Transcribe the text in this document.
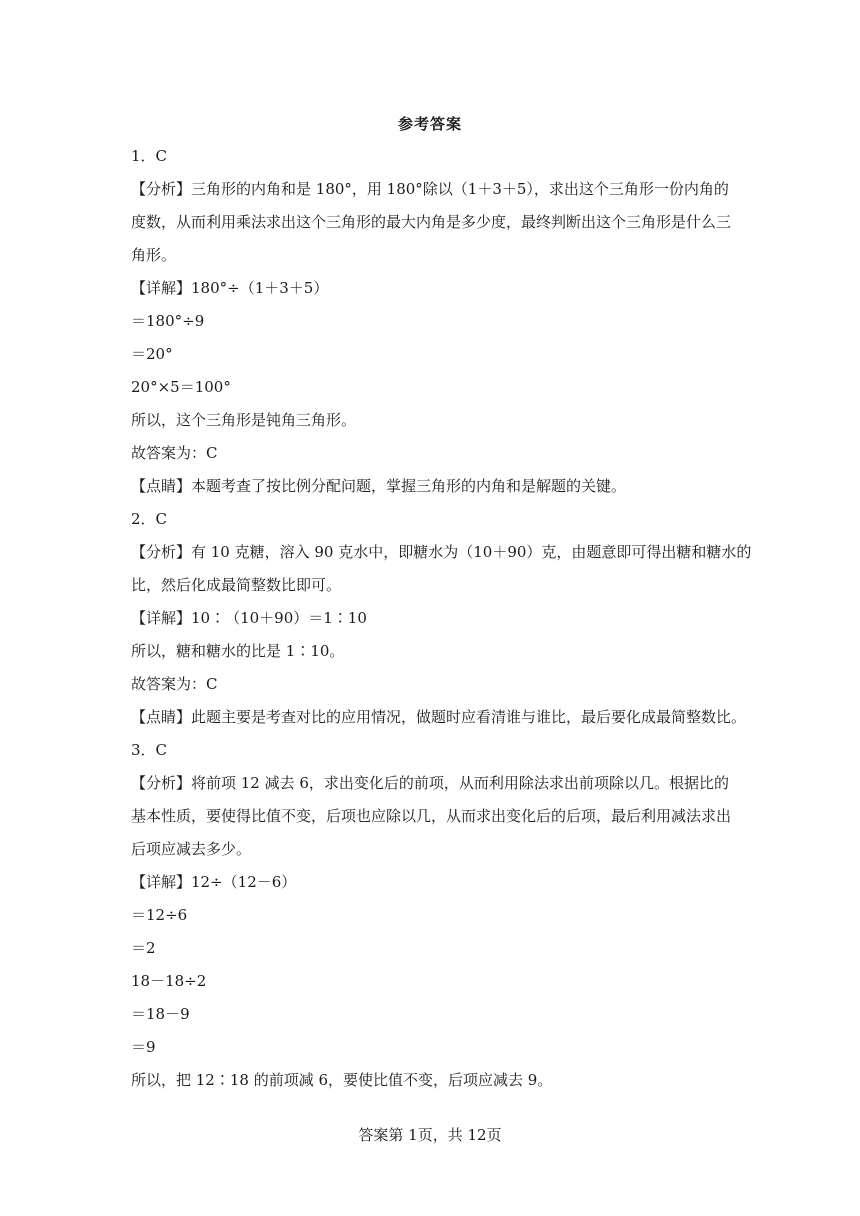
参考答案
1．C
【分析】三角形的内角和是 180°，用 180°除以（1＋3＋5），求出这个三角形一份内角的
度数，从而利用乘法求出这个三角形的最大内角是多少度，最终判断出这个三角形是什么三
角形。
【详解】180°÷（1＋3＋5）
＝180°÷9
＝20°
20°×5＝100°
所以，这个三角形是钝角三角形。
故答案为：C
【点睛】本题考查了按比例分配问题，掌握三角形的内角和是解题的关键。
2．C
【分析】有 10 克糖，溶入 90 克水中，即糖水为（10＋90）克，由题意即可得出糖和糖水的
比，然后化成最简整数比即可。
【详解】10∶（10＋90）＝1∶10
所以，糖和糖水的比是 1∶10。
故答案为：C
【点睛】此题主要是考查对比的应用情况，做题时应看清谁与谁比，最后要化成最简整数比。
3．C
【分析】将前项 12 减去 6，求出变化后的前项，从而利用除法求出前项除以几。根据比的
基本性质，要使得比值不变，后项也应除以几，从而求出变化后的后项，最后利用减法求出
后项应减去多少。
【详解】12÷（12－6）
＝12÷6
＝2
18－18÷2
＝18－9
＝9
所以，把 12∶18 的前项减 6，要使比值不变，后项应减去 9。
答案第 1页，共 12页
